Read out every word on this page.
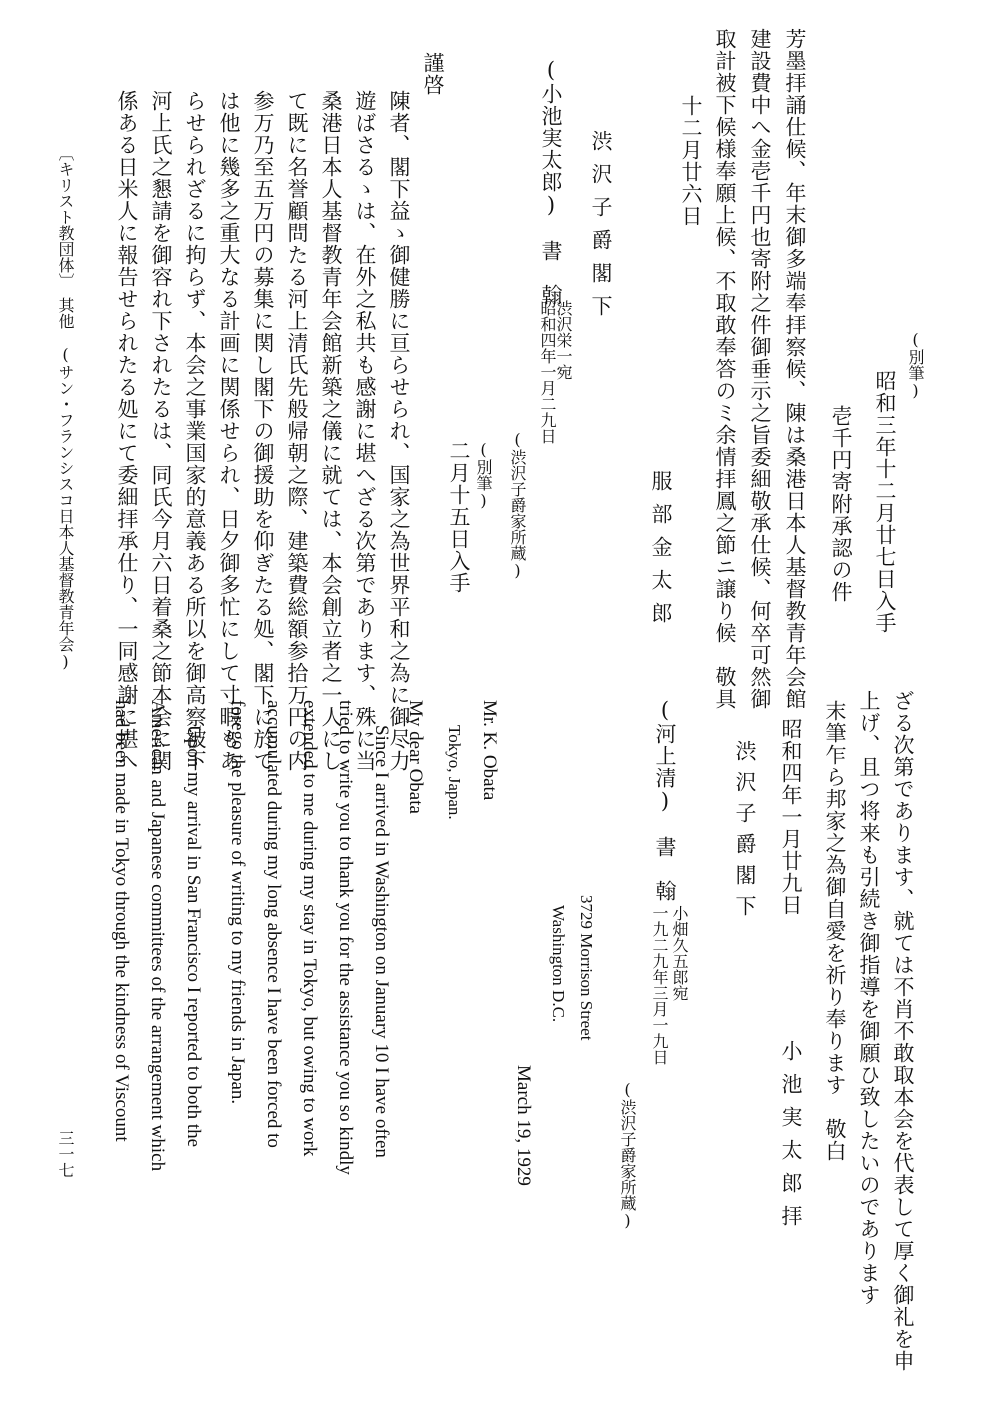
(別筆)
昭和三年十二月廿七日入手
壱千円寄附承認の件
芳墨拝誦仕候、年末御多端奉拝察候、陳は桑港日本人基督教青年会館
建設費中へ金壱千円也寄附之件御垂示之旨委細敬承仕候、何卒可然御
取計被下候様奉願上候、不取敢奉答のミ余情拝鳳之節ニ譲り候　敬具
十二月廿六日
服部金太郎
渋沢子爵閣下
(渋沢子爵家所蔵)
渋沢栄一宛
昭和四年一月二九日
(小池実太郎)　書　翰
(別筆)
二月十五日入手
謹啓
陳者、閣下益ゝ御健勝に亘らせられ、国家之為世界平和之為に御尽力
遊ばさるゝは、在外之私共も感謝に堪へざる次第であります、殊に当
桑港日本人基督教青年会館新築之儀に就ては、本会創立者之一人にし
て既に名誉顧問たる河上清氏先般帰朝之際、建築費総額参拾万円の内
参万乃至五万円の募集に関し閣下の御援助を仰ぎたる処、閣下に於て
は他に幾多之重大なる計画に関係せられ、日夕御多忙にして寸暇もあ
らせられざるに拘らず、本会之事業国家的意義ある所以を御高察被下
河上氏之懇請を御容れ下されたるは、同氏今月六日着桑之節本会に関
係ある日米人に報告せられたる処にて委細拝承仕り、一同感謝に堪へ
〔キリスト教団体〕　其他　(サン・フランシスコ日本人基督教青年会)
ざる次第であります、就ては不肖不敢取本会を代表して厚く御礼を申
上げ、且つ将来も引続き御指導を御願ひ致したいのであります
末筆乍ら邦家之為御自愛を祈り奉ります　敬白
昭和四年一月廿九日
小池実太郎拝
渋沢子爵閣下
(渋沢子爵家所蔵)
小畑久五郎宛
一九二九年三月一九日
(河上清)　書　翰
3729 Morrison Street
Washington D.C.
March 19, 1929
Mr. K. Obata
Tokyo, Japan.
My dear Obata
Since I arrived in Washington on January 10 I have often
tried to write you to thank you for the assistance you so kindly
extended to me during my stay in Tokyo, but owing to work
accumulated during my long absence I have been forced to
forego the pleasure of writing to my friends in Japan.
Upon my arrival in San Francisco I reported to both the
American and Japanese committees of the arrangement which
had been made in Tokyo through the kindness of Viscount
三一七
